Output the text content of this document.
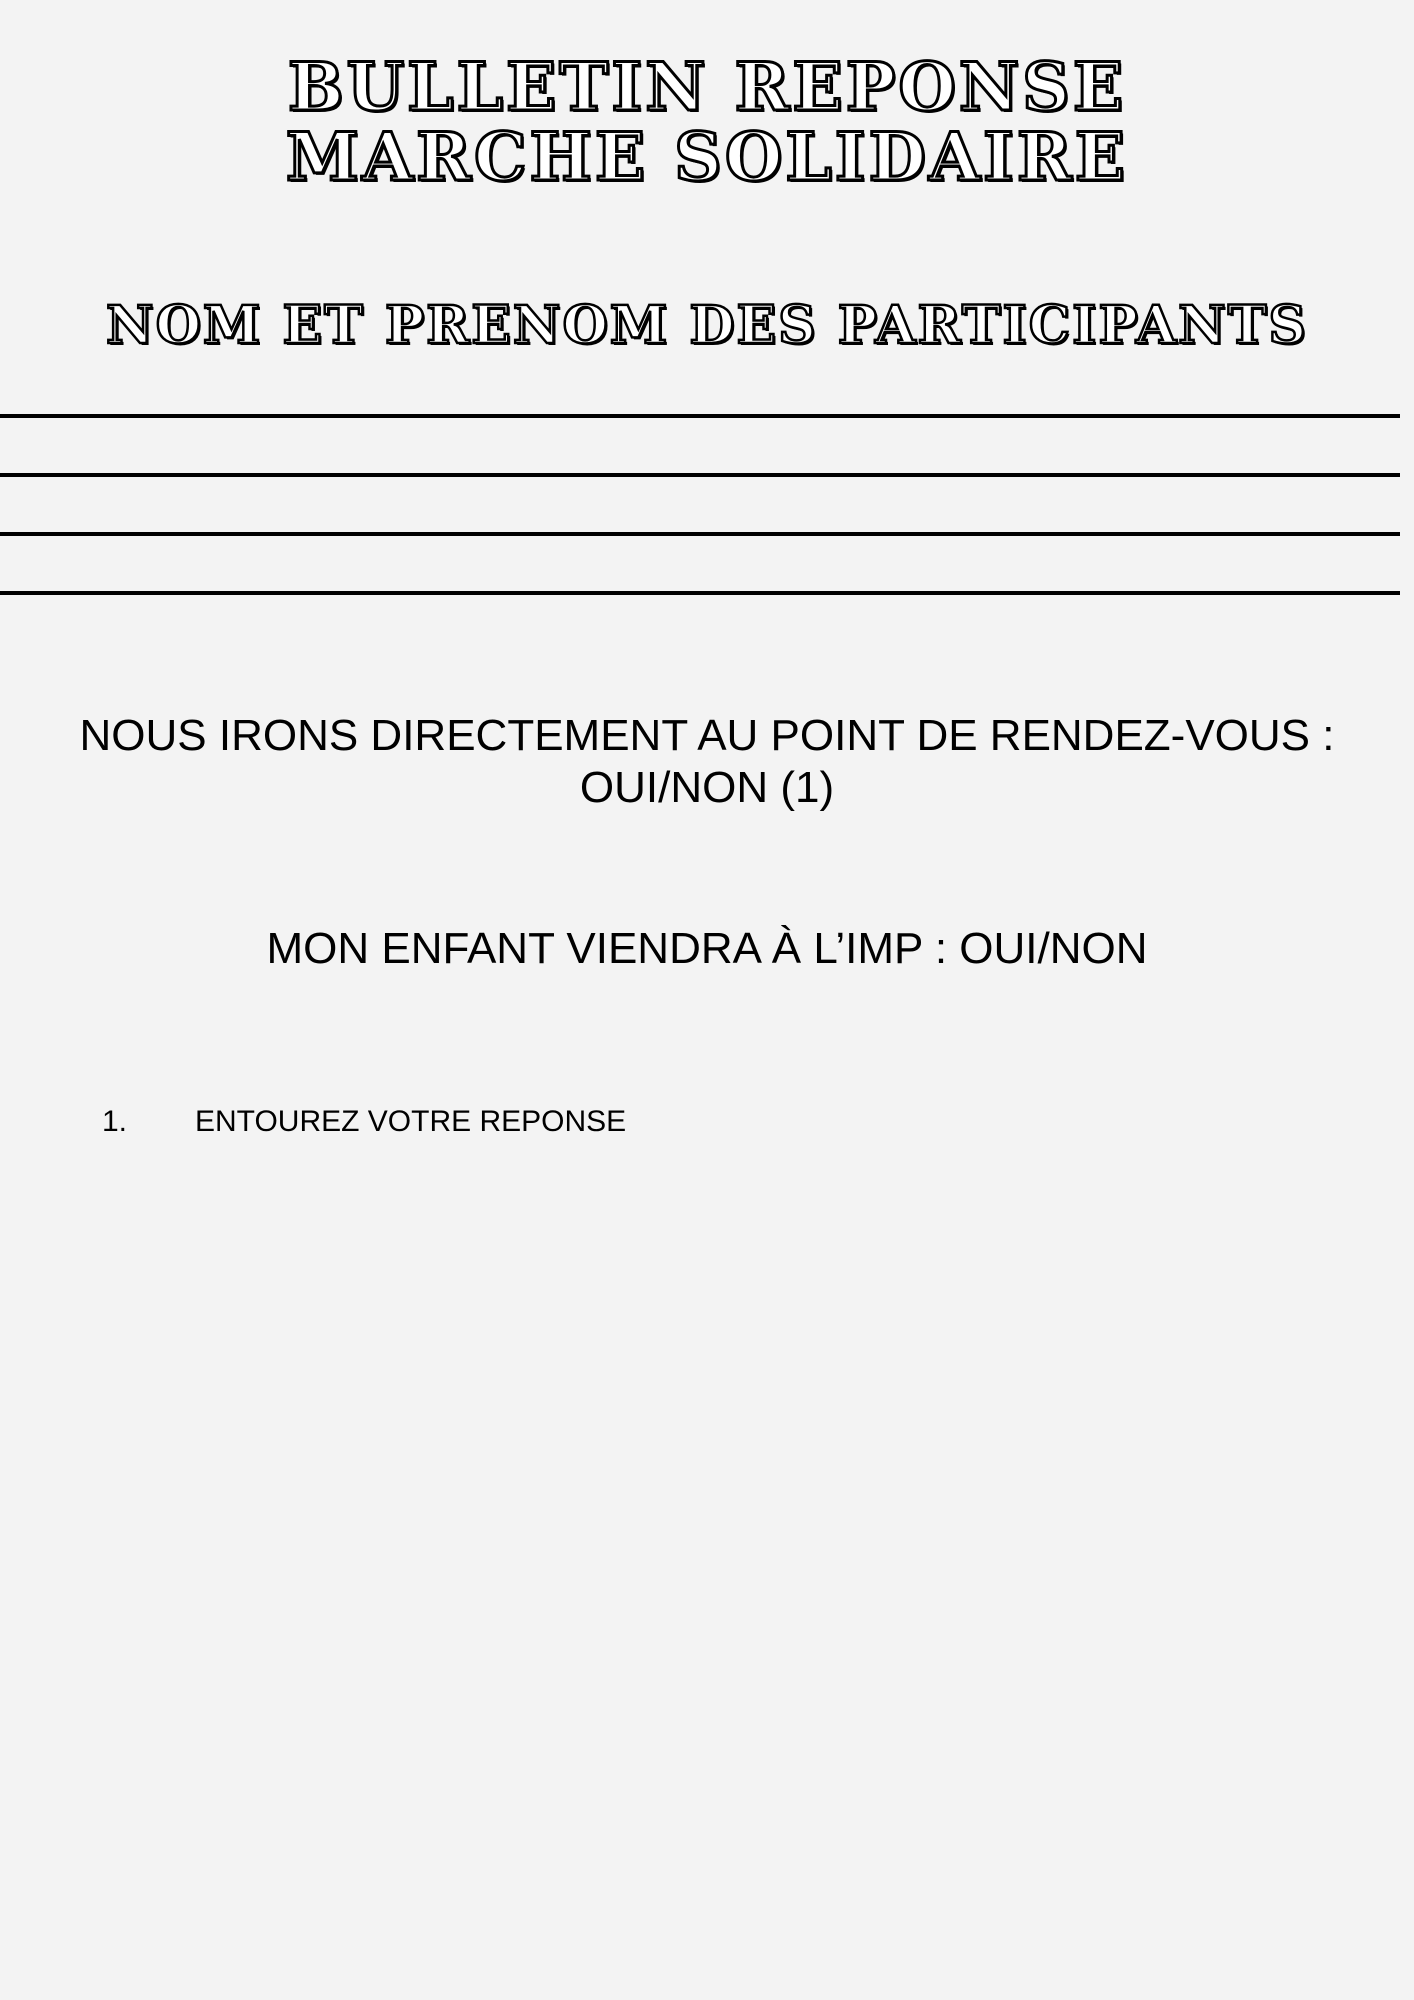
BULLETIN REPONSE
MARCHE SOLIDAIRE
NOM ET PRENOM DES PARTICIPANTS
NOUS IRONS DIRECTEMENT AU POINT DE RENDEZ-VOUS :
OUI/NON (1)
MON ENFANT VIENDRA À L’IMP : OUI/NON
1. ENTOUREZ VOTRE REPONSE
